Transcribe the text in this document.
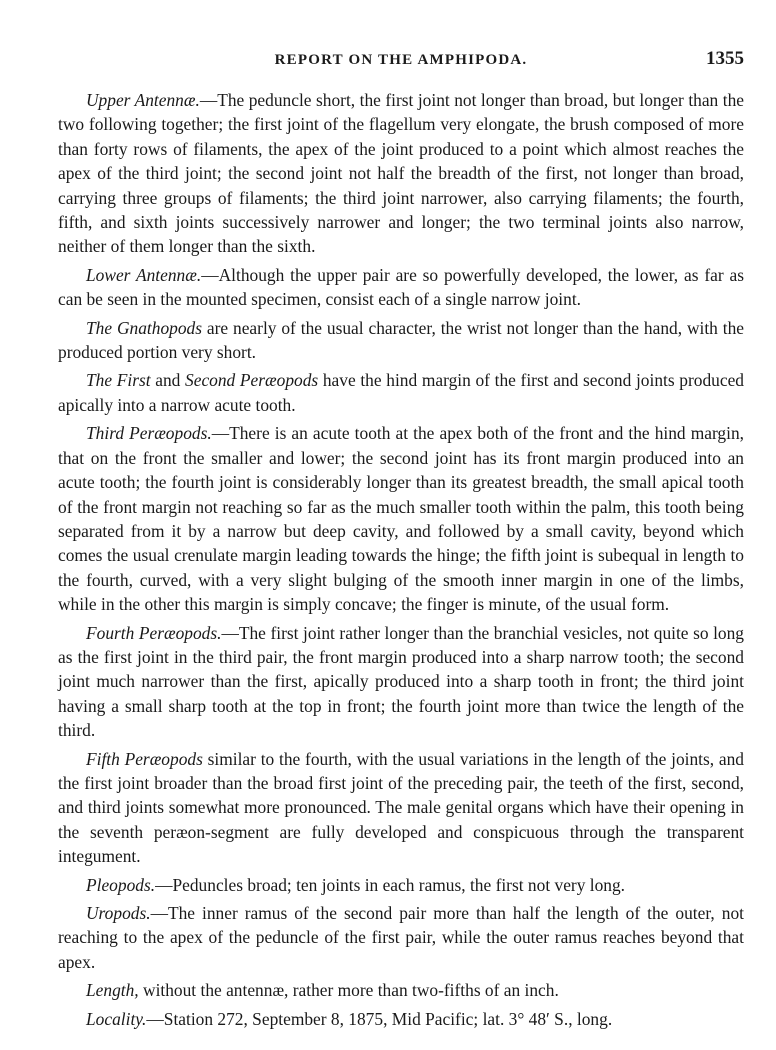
REPORT ON THE AMPHIPODA.	1355

Upper Antennæ.—The peduncle short, the first joint not longer than broad, but longer than the two following together; the first joint of the flagellum very elongate, the brush composed of more than forty rows of filaments, the apex of the joint produced to a point which almost reaches the apex of the third joint; the second joint not half the breadth of the first, not longer than broad, carrying three groups of filaments; the third joint narrower, also carrying filaments; the fourth, fifth, and sixth joints successively narrower and longer; the two terminal joints also narrow, neither of them longer than the sixth.

Lower Antennæ.—Although the upper pair are so powerfully developed, the lower, as far as can be seen in the mounted specimen, consist each of a single narrow joint.

The Gnathopods are nearly of the usual character, the wrist not longer than the hand, with the produced portion very short.

The First and Second Peræopods have the hind margin of the first and second joints produced apically into a narrow acute tooth.

Third Peræopods.—There is an acute tooth at the apex both of the front and the hind margin, that on the front the smaller and lower; the second joint has its front margin produced into an acute tooth; the fourth joint is considerably longer than its greatest breadth, the small apical tooth of the front margin not reaching so far as the much smaller tooth within the palm, this tooth being separated from it by a narrow but deep cavity, and followed by a small cavity, beyond which comes the usual crenulate margin leading towards the hinge; the fifth joint is subequal in length to the fourth, curved, with a very slight bulging of the smooth inner margin in one of the limbs, while in the other this margin is simply concave; the finger is minute, of the usual form.

Fourth Peræopods.—The first joint rather longer than the branchial vesicles, not quite so long as the first joint in the third pair, the front margin produced into a sharp narrow tooth; the second joint much narrower than the first, apically produced into a sharp tooth in front; the third joint having a small sharp tooth at the top in front; the fourth joint more than twice the length of the third.

Fifth Peræopods similar to the fourth, with the usual variations in the length of the joints, and the first joint broader than the broad first joint of the preceding pair, the teeth of the first, second, and third joints somewhat more pronounced. The male genital organs which have their opening in the seventh peræon-segment are fully developed and conspicuous through the transparent integument.

Pleopods.—Peduncles broad; ten joints in each ramus, the first not very long.

Uropods.—The inner ramus of the second pair more than half the length of the outer, not reaching to the apex of the peduncle of the first pair, while the outer ramus reaches beyond that apex.

Length, without the antennæ, rather more than two-fifths of an inch.

Locality.—Station 272, September 8, 1875, Mid Pacific; lat. 3° 48′ S., long.
